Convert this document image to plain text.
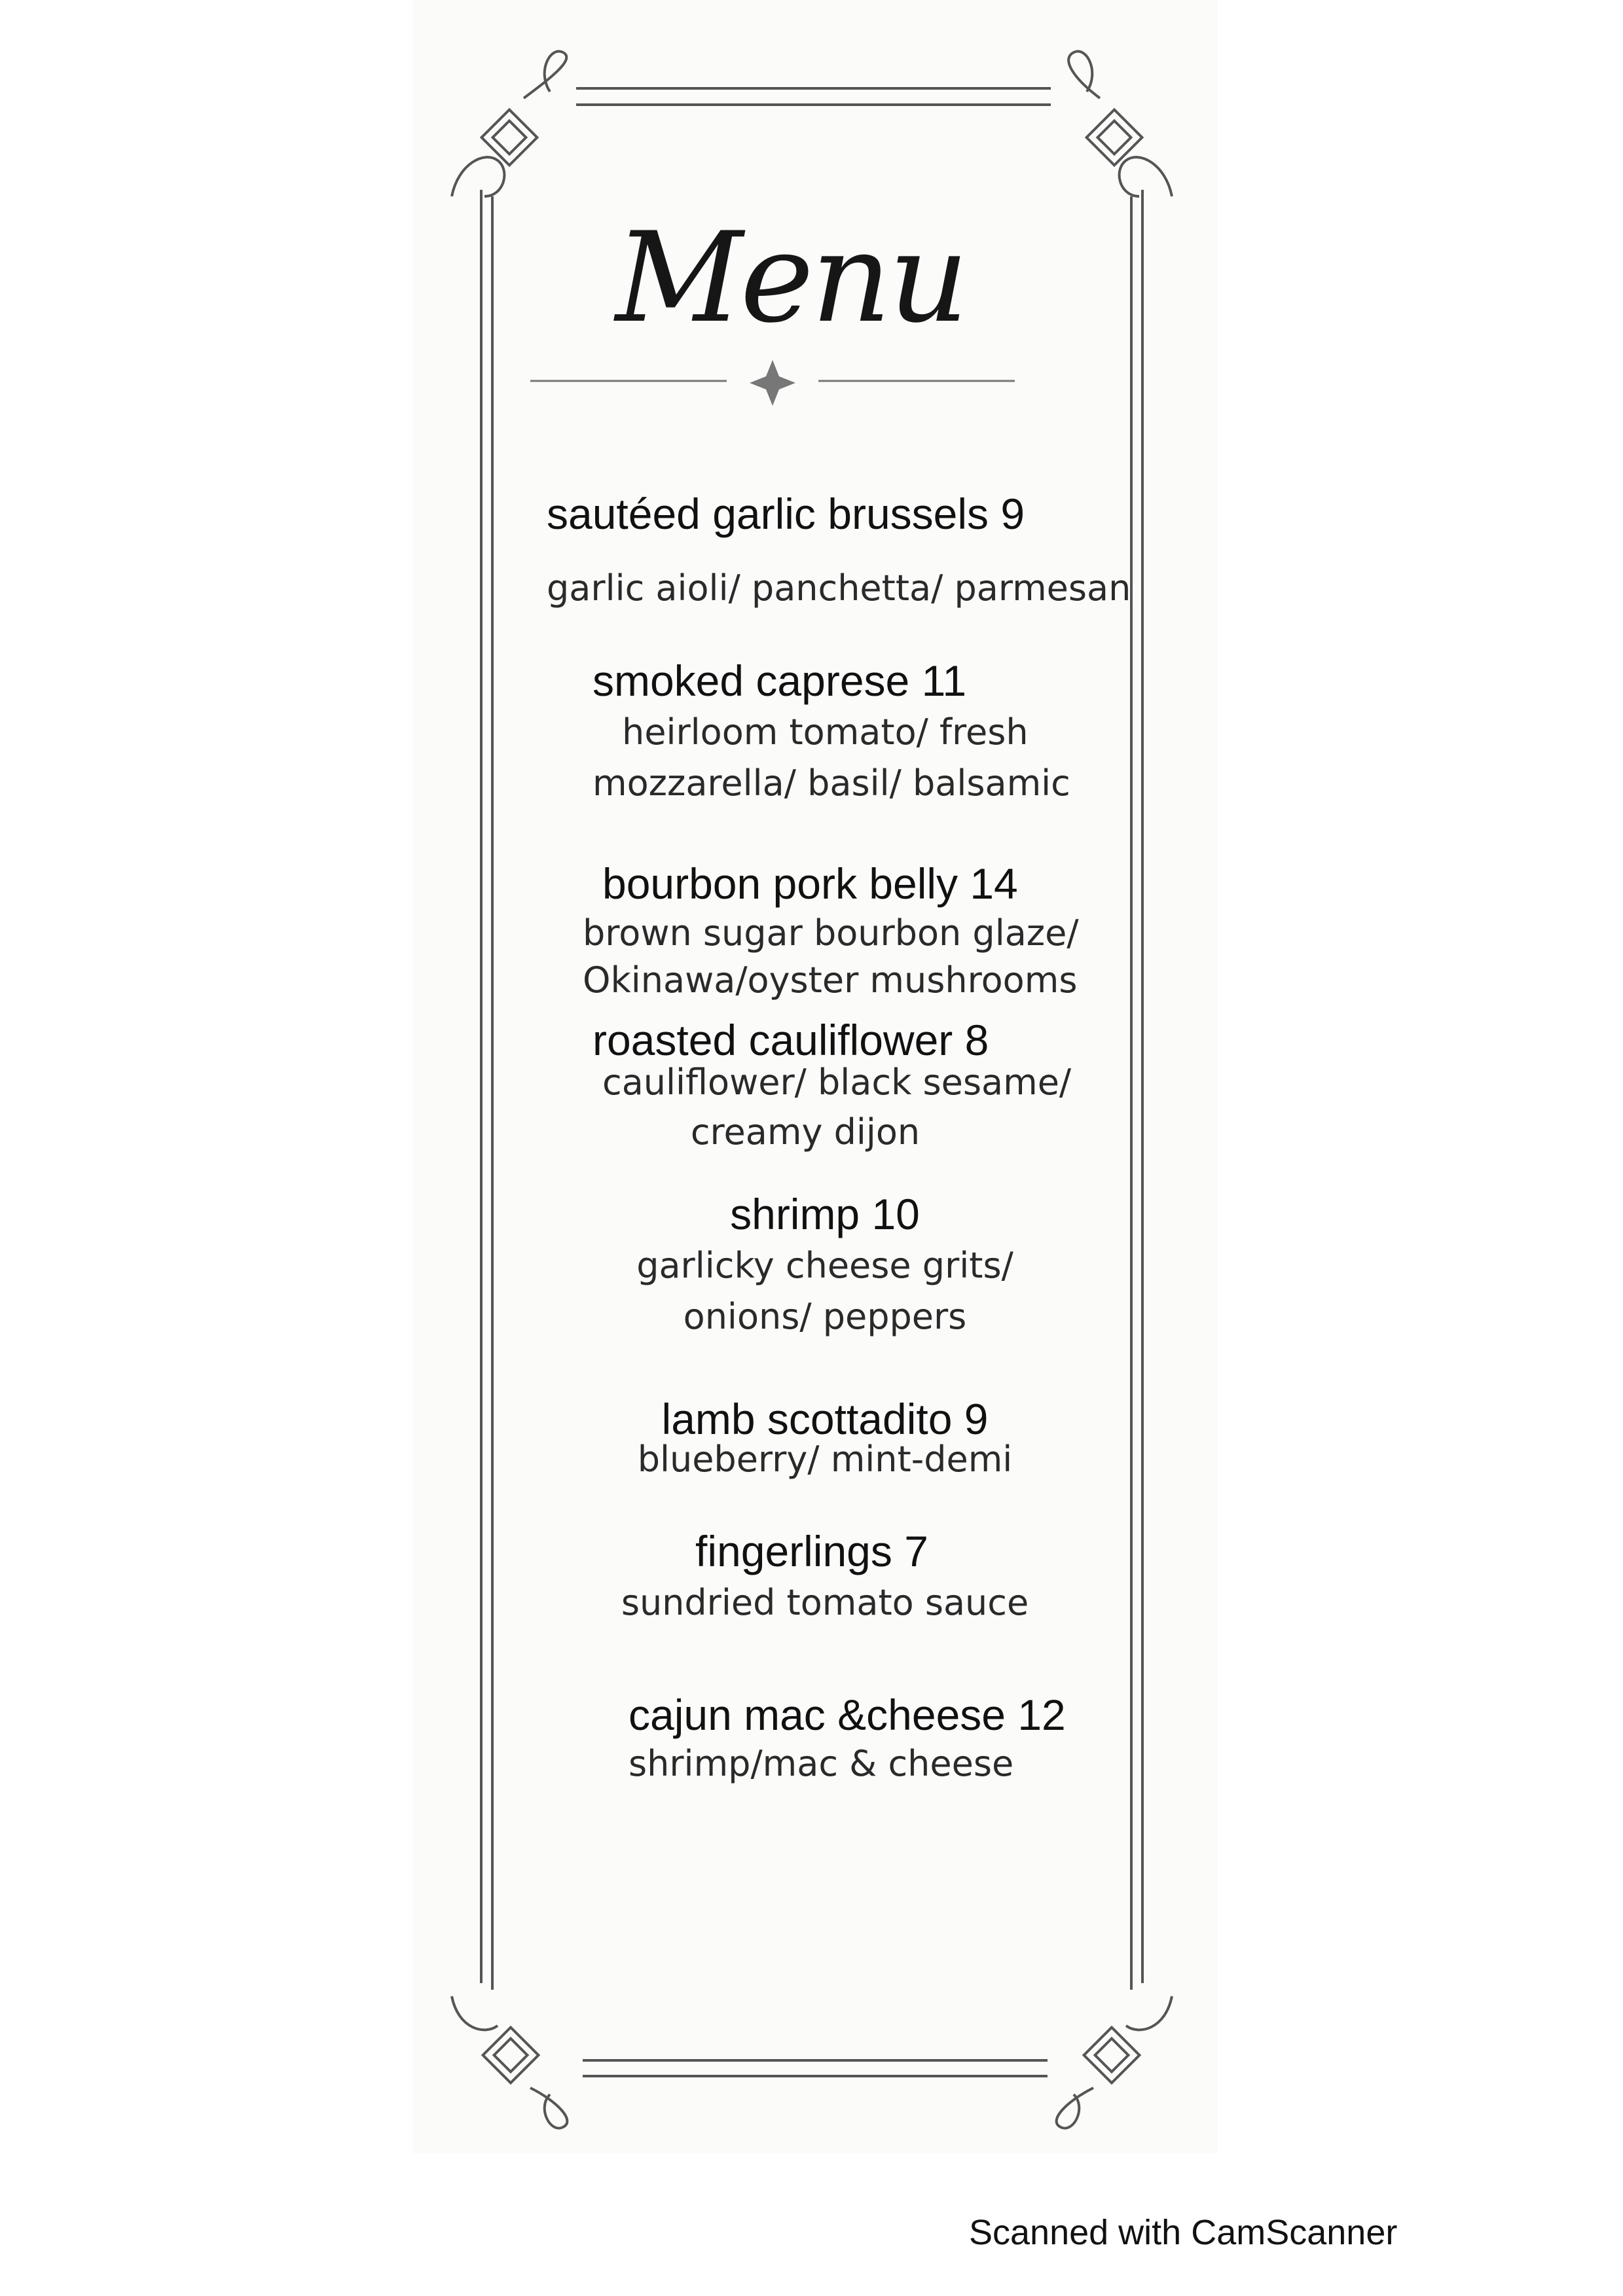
Menu
sautéed garlic brussels 9
garlic aioli/ panchetta/ parmesan
smoked caprese 11
heirloom tomato/ fresh
mozzarella/ basil/ balsamic
bourbon pork belly 14
brown sugar bourbon glaze/
Okinawa/oyster mushrooms
roasted cauliflower 8
cauliflower/ black sesame/
creamy dijon
shrimp 10
garlicky cheese grits/
onions/ peppers
lamb scottadito 9
blueberry/ mint-demi
fingerlings 7
sundried tomato sauce
cajun mac &cheese 12
shrimp/mac & cheese
Scanned with CamScanner
